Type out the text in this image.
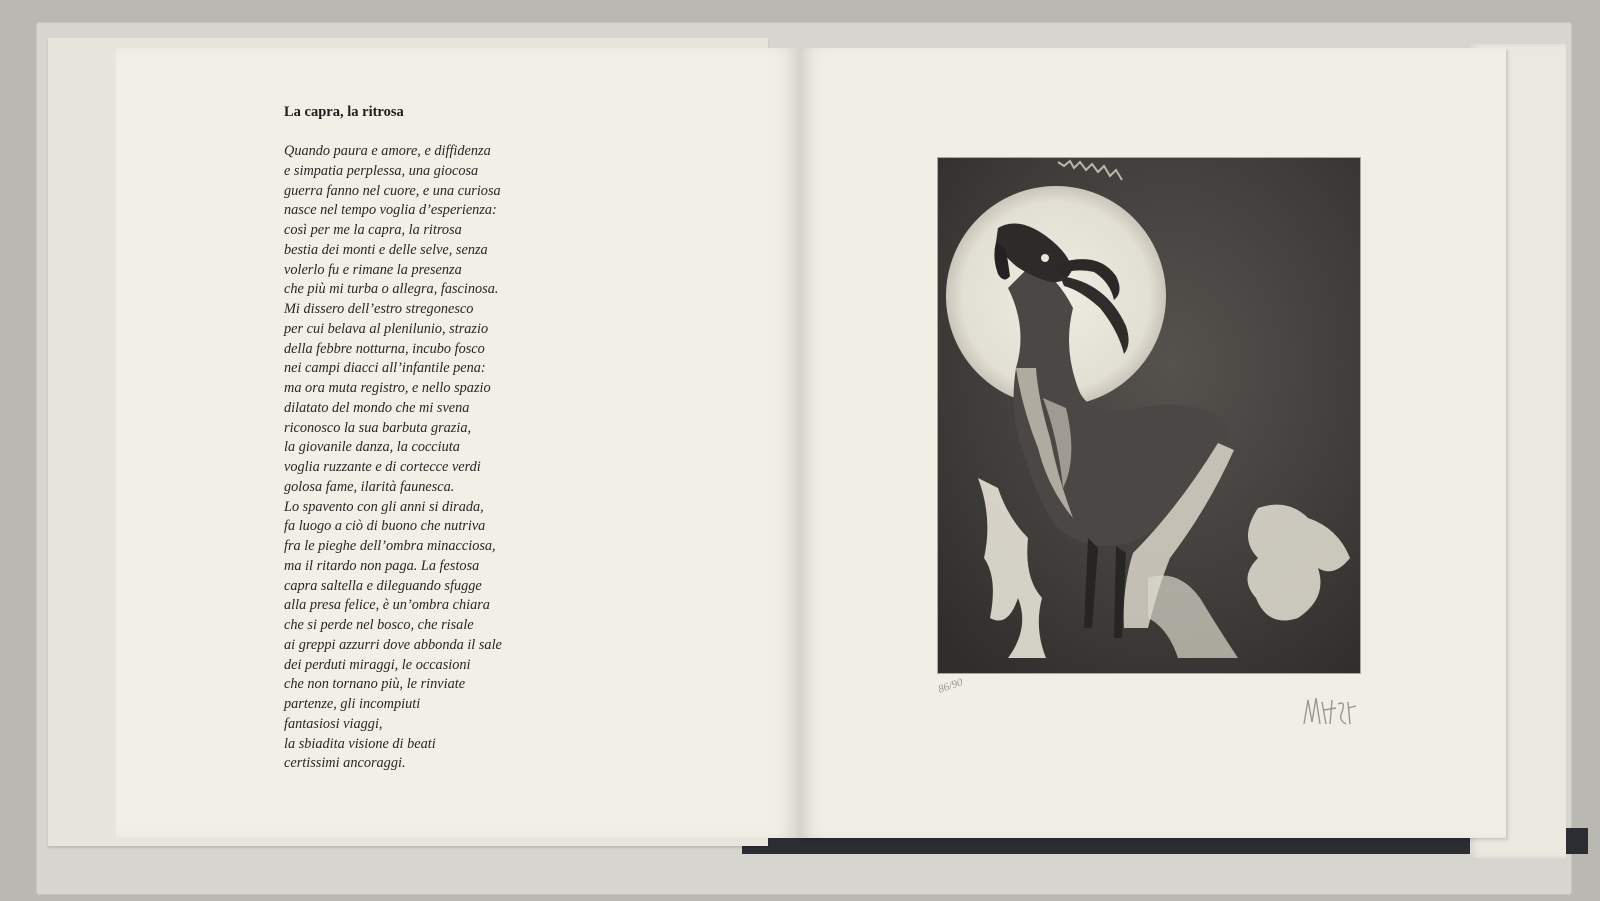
La capra, la ritrosa
Quando paura e amore, e diffidenza
e simpatia perplessa, una giocosa
guerra fanno nel cuore, e una curiosa
nasce nel tempo voglia d’esperienza:
così per me la capra, la ritrosa
bestia dei monti e delle selve, senza
volerlo fu e rimane la presenza
che più mi turba o allegra, fascinosa.
Mi dissero dell’estro stregonesco
per cui belava al plenilunio, strazio
della febbre notturna, incubo fosco
nei campi diacci all’infantile pena:
ma ora muta registro, e nello spazio
dilatato del mondo che mi svena
riconosco la sua barbuta grazia,
la giovanile danza, la cocciuta
voglia ruzzante e di cortecce verdi
golosa fame, ilarità faunesca.
Lo spavento con gli anni si dirada,
fa luogo a ciò di buono che nutriva
fra le pieghe dell’ombra minacciosa,
ma il ritardo non paga. La festosa
capra saltella e dileguando sfugge
alla presa felice, è un’ombra chiara
che si perde nel bosco, che risale
ai greppi azzurri dove abbonda il sale
dei perduti miraggi, le occasioni
che non tornano più, le rinviate
partenze, gli incompiuti
fantasiosi viaggi,
la sbiadita visione di beati
certissimi ancoraggi.
86/90
